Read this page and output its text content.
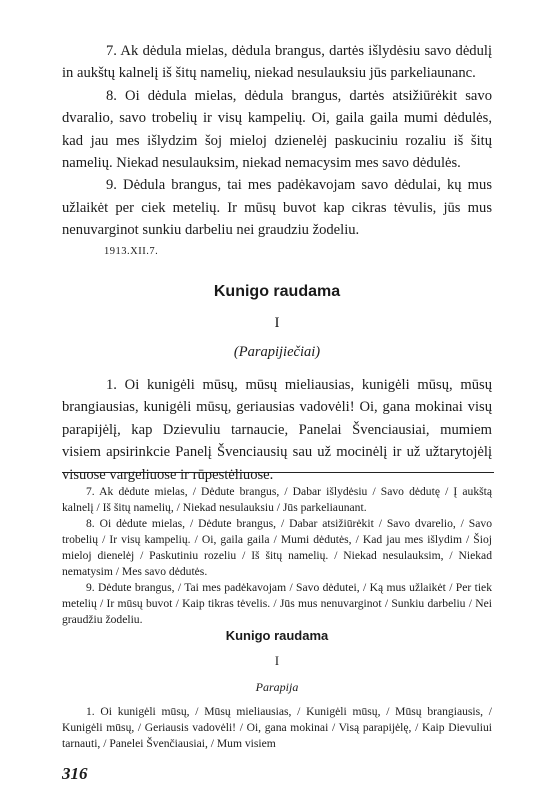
7. Ak dėdula mielas, dėdula brangus, dartės išlydėsiu savo dėdulį in aukštų kalnelį iš šitų namelių, niekad nesulauksiu jūs parkeliaunanc.

8. Oi dėdula mielas, dėdula brangus, dartės atsižiūrėkit savo dvaralio, savo trobelių ir visų kampelių. Oi, gaila gaila mumi dėdulės, kad jau mes išlydzim šoj mieloj dzienelėj paskuciniu rozaliu iš šitų namelių. Niekad nesulauksim, niekad nemacysim mes savo dėdulės.

9. Dėdula brangus, tai mes padėkavojam savo dėdulai, kų mus užlaikėt per ciek metelių. Ir mūsų buvot kap cikras tėvulis, jūs mus nenuvarginot sunkiu darbeliu nei graudziu žodeliu.

1913.XII.7.
Kunigo raudama
I
(Parapijiečiai)

1. Oi kunigėli mūsų, mūsų mieliausias, kunigėli mūsų, mūsų brangiausias, kunigėli mūsų, geriausias vadovėli! Oi, gana mokinai visų parapijėlį, kap Dzievuliu tarnaucie, Panelai Švenciausiai, mumiem visiem apsirinkcie Panelį Švenciausių sau už mocinėlį ir už užtarytojėlį visuose vargeliuose ir rūpestėliuose.

7. Ak dėdute mielas, / Dėdute brangus, / Dabar išlydėsiu / Savo dėdutę / Į aukštą kalnelį / Iš šitų namelių, / Niekad nesulauksiu / Jūs parkeliaunant.

8. Oi dėdute mielas, / Dėdute brangus, / Dabar atsižiūrėkit / Savo dvarelio, / Savo trobelių / Ir visų kampelių. / Oi, gaila gaila / Mumi dėdutės, / Kad jau mes išlydim / Šioj mieloj dienelėj / Paskutiniu rozeliu / Iš šitų namelių. / Niekad nesulauksim, / Niekad nematysim / Mes savo dėdutės.

9. Dėdute brangus, / Tai mes padėkavojam / Savo dėdutei, / Ką mus užlaikėt / Per tiek metelių / Ir mūsų buvot / Kaip tikras tėvelis. / Jūs mus nenuvarginot / Sunkiu darbeliu / Nei graudžiu žodeliu.

Kunigo raudama
I
Parapija

1. Oi kunigėli mūsų, / Mūsų mieliausias, / Kunigėli mūsų, / Mūsų brangiausis, / Kunigėli mūsų, / Geriausis vadovėli! / Oi, gana mokinai / Visą parapijėlę, / Kaip Dievuliui tarnauti, / Panelei Švenčiausiai, / Mum visiem

316
